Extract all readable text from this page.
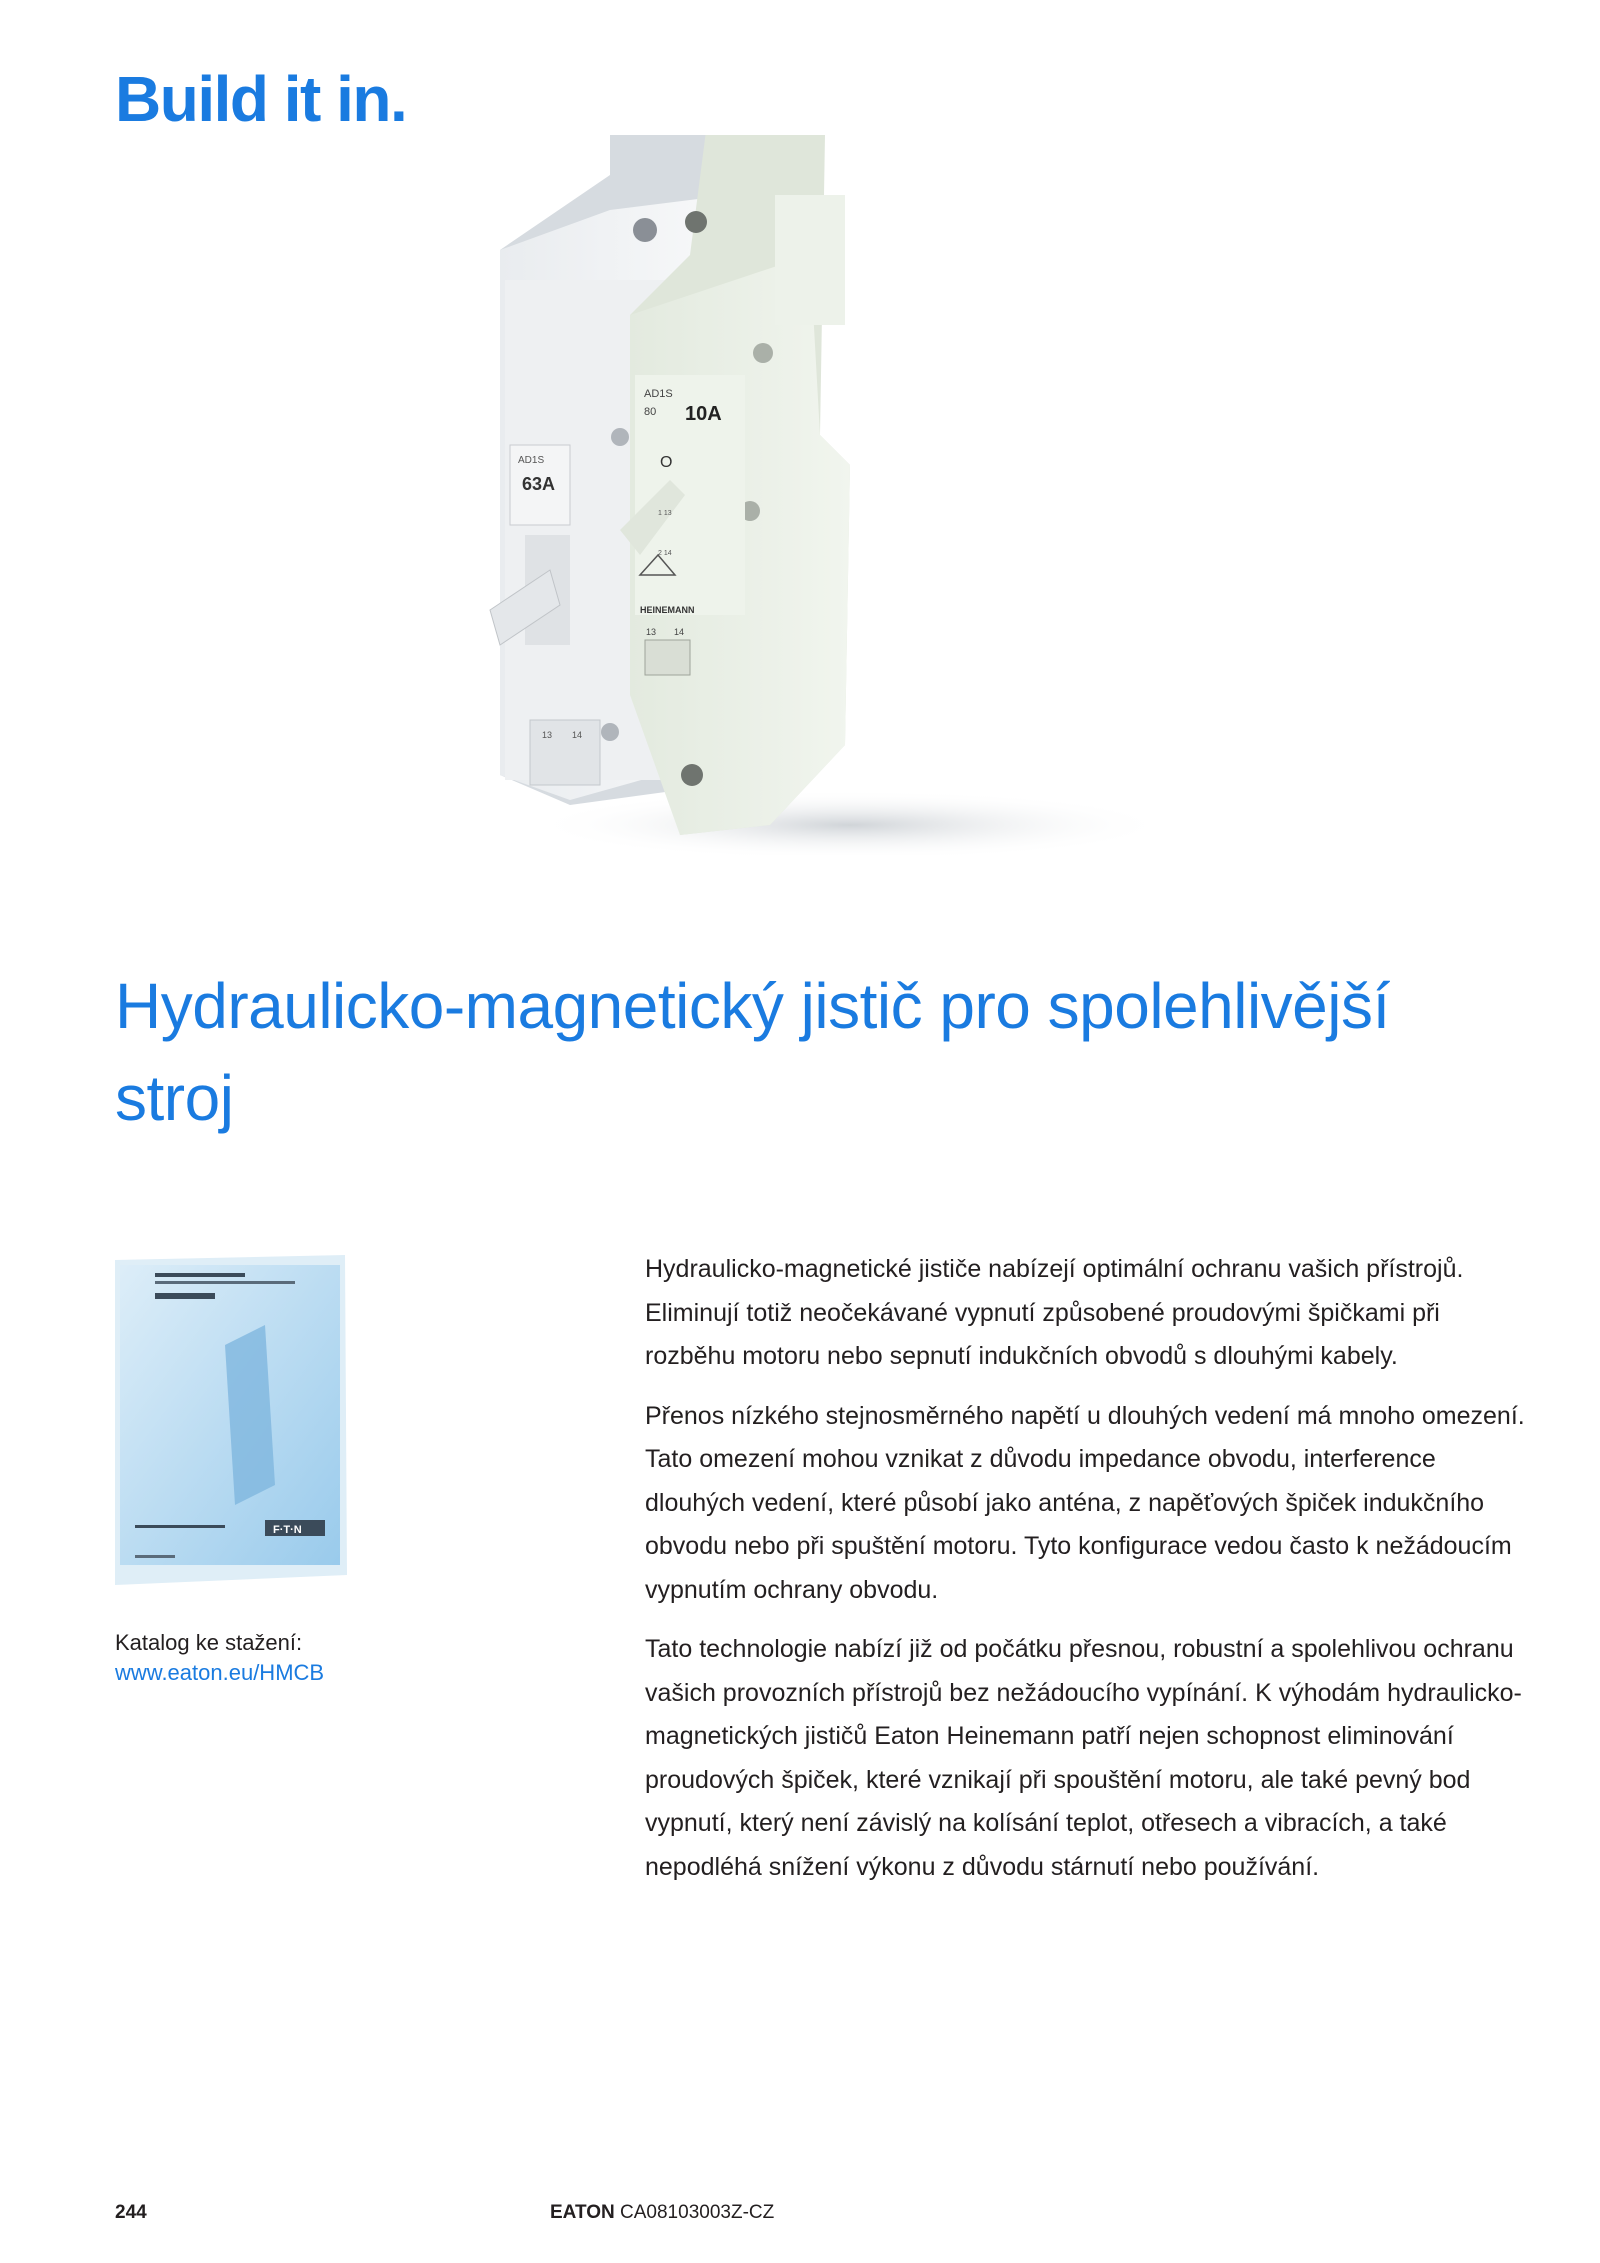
Build it in.
AD1S
63A
13 14
AD1S
80 10A
O
1 13
2 14
HEINEMANN
13 14
Hydraulicko-magnetický jistič pro spolehlivější stroj
F·T·N
Katalog ke stažení:
www.eaton.eu/HMCB

Hydraulicko-magnetické jističe nabízejí optimální ochranu vašich přístrojů. Eliminují totiž neočekávané vypnutí způsobené proudovými špičkami při rozběhu motoru nebo sepnutí indukčních obvodů s dlouhými kabely.

Přenos nízkého stejnosměrného napětí u dlouhých vedení má mnoho omezení. Tato omezení mohou vznikat z důvodu impedance obvodu, interference dlouhých vedení, které působí jako anténa, z napěťových špiček indukčního obvodu nebo při spuštění motoru. Tyto konfigurace vedou často k nežádoucím vypnutím ochrany obvodu.

Tato technologie nabízí již od počátku přesnou, robustní a spolehlivou ochranu vašich provozních přístrojů bez nežádoucího vypínání. K výhodám hydraulicko-magnetických jističů Eaton Heinemann patří nejen schopnost eliminování proudových špiček, které vznikají při spouštění motoru, ale také pevný bod vypnutí, který není závislý na kolísání teplot, otřesech a vibracích, a také nepodléhá snížení výkonu z důvodu stárnutí nebo používání.

244	EATON CA08103003Z-CZ
